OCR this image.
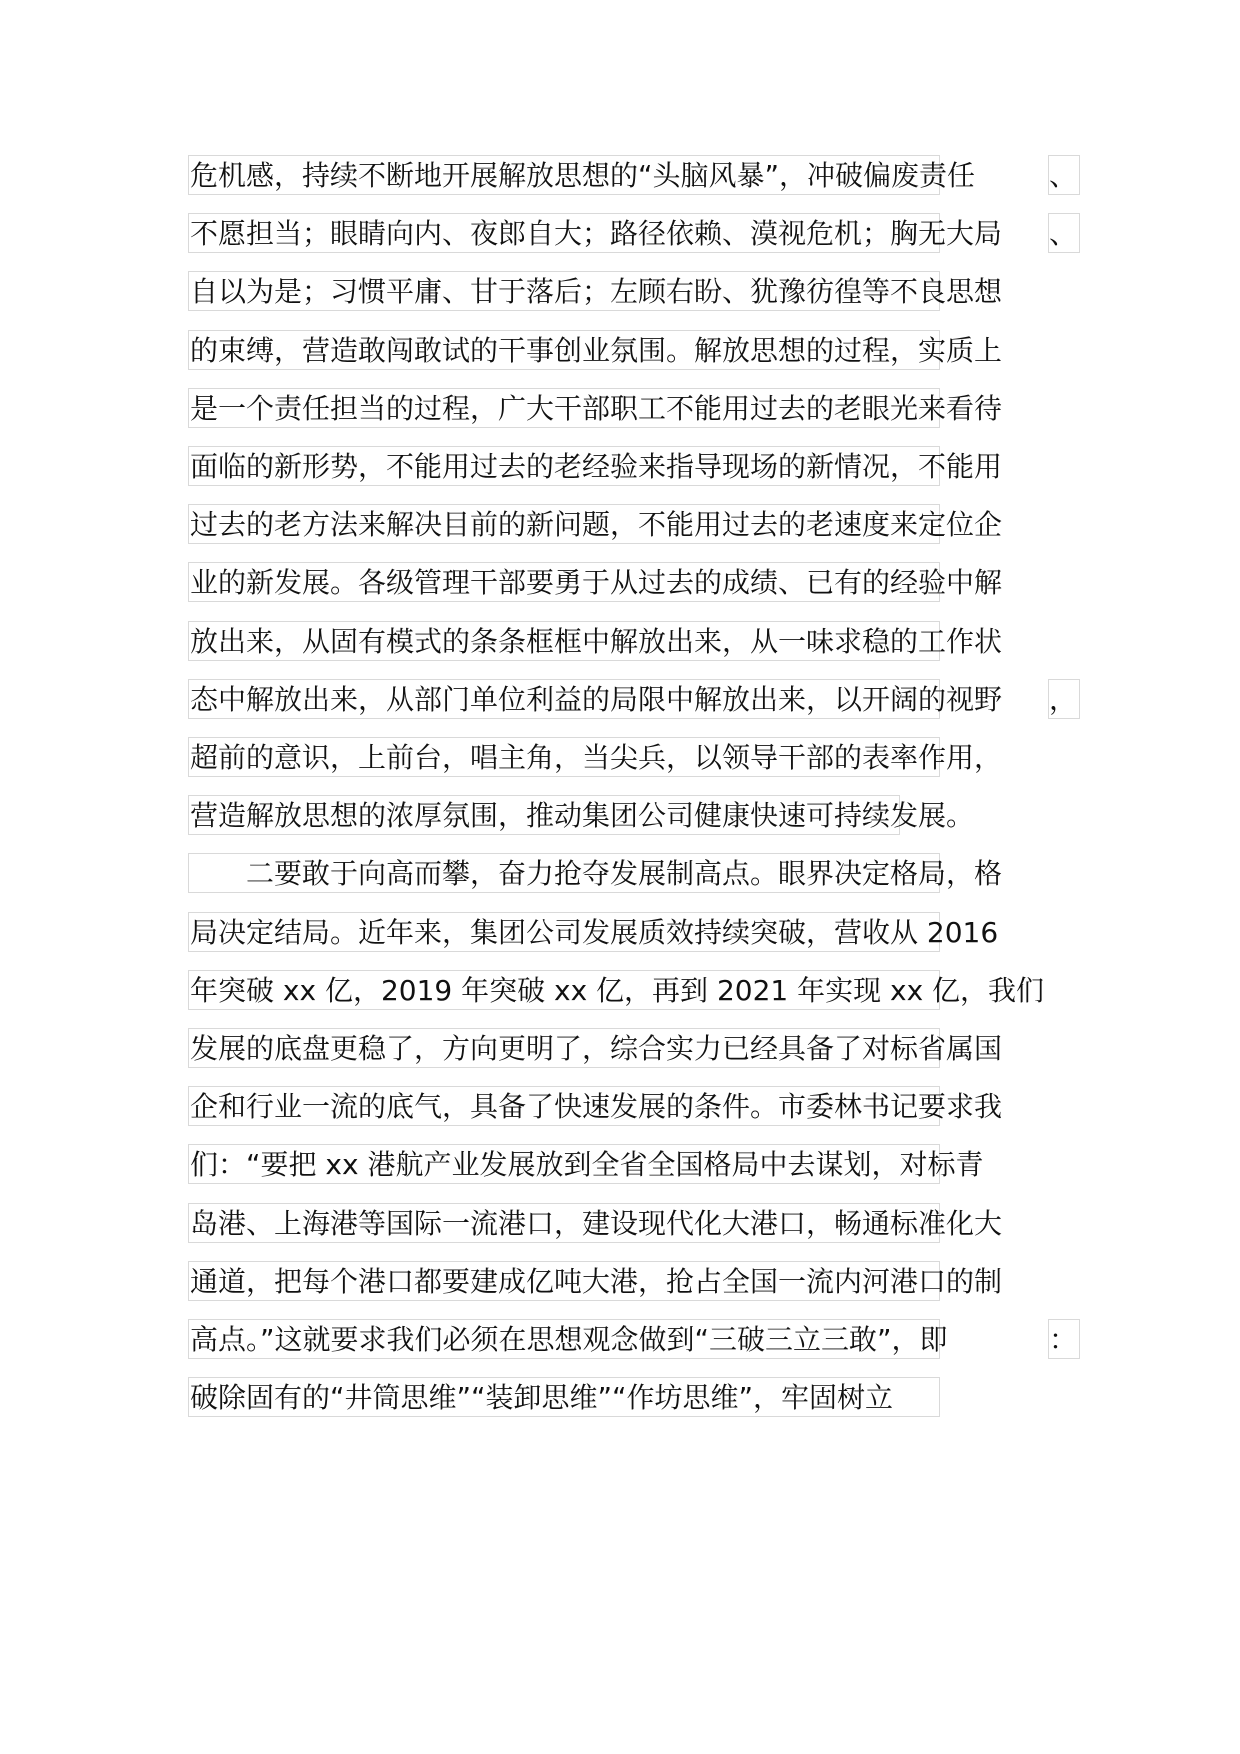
危机感，持续不断地开展解放思想的“头脑风暴”，冲破偏废责任	、
不愿担当；眼睛向内、夜郎自大；路径依赖、漠视危机；胸无大局 、
自以为是；习惯平庸、甘于落后；左顾右盼、犹豫彷徨等不良思想
的束缚，营造敢闯敢试的干事创业氛围。解放思想的过程，实质上
是一个责任担当的过程，广大干部职工不能用过去的老眼光来看待
面临的新形势，不能用过去的老经验来指导现场的新情况，不能用
过去的老方法来解决目前的新问题，不能用过去的老速度来定位企
业的新发展。各级管理干部要勇于从过去的成绩、已有的经验中解
放出来，从固有模式的条条框框中解放出来，从一味求稳的工作状
态中解放出来，从部门单位利益的局限中解放出来，以开阔的视野 ，
超前的意识，上前台，唱主角，当尖兵，以领导干部的表率作用，
营造解放思想的浓厚氛围，推动集团公司健康快速可持续发展。
　　二要敢于向高而攀，奋力抢夺发展制高点。眼界决定格局，格
局决定结局。近年来，集团公司发展质效持续突破，营收从 2016
年突破 xx 亿，2019 年突破 xx 亿，再到 2021 年实现 xx 亿，我们
发展的底盘更稳了，方向更明了，综合实力已经具备了对标省属国
企和行业一流的底气，具备了快速发展的条件。市委林书记要求我
们：“要把 xx 港航产业发展放到全省全国格局中去谋划，对标青
岛港、上海港等国际一流港口，建设现代化大港口，畅通标准化大
通道，把每个港口都要建成亿吨大港，抢占全国一流内河港口的制
高点。”这就要求我们必须在思想观念做到“三破三立三敢”，即	：
破除固有的“井筒思维”“装卸思维”“作坊思维”，牢固树立
